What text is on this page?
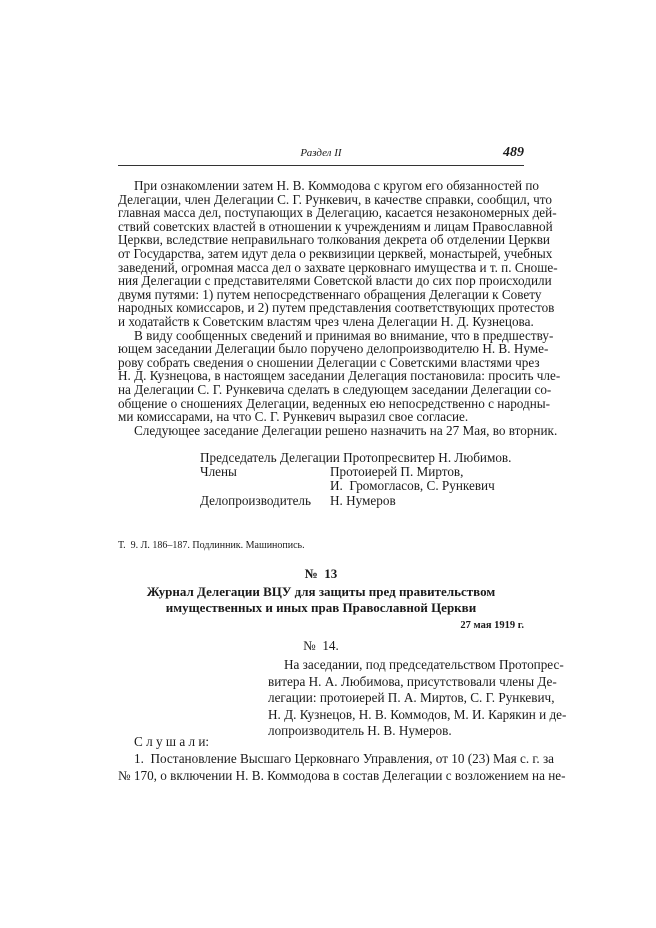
Раздел II	489
При ознакомлении затем Н. В. Коммодова с кругом его обязанностей по
Делегации, член Делегации С. Г. Рункевич, в качестве справки, сообщил, что
главная масса дел, поступающих в Делегацию, касается незакономерных дей-
ствий советских властей в отношении к учреждениям и лицам Православной
Церкви, вследствие неправильнаго толкования декрета об отделении Церкви
от Государства, затем идут дела о реквизиции церквей, монастырей, учебных
заведений, огромная масса дел о захвате церковнаго имущества и т. п. Сноше-
ния Делегации с представителями Советской власти до сих пор происходили
двумя путями: 1) путем непосредственнаго обращения Делегации к Совету
народных комиссаров, и 2) путем представления соответствующих протестов
и ходатайств к Советским властям чрез члена Делегации Н. Д. Кузнецова.
В виду сообщенных сведений и принимая во внимание, что в предшеству-
ющем заседании Делегации было поручено делопроизводителю Н. В. Нуме-
рову собрать сведения о сношении Делегации с Советскими властями чрез
Н. Д. Кузнецова, в настоящем заседании Делегация постановила: просить чле-
на Делегации С. Г. Рункевича сделать в следующем заседании Делегации со-
общение о сношениях Делегации, веденных ею непосредственно с народны-
ми комиссарами, на что С. Г. Рункевич выразил свое согласие.
Следующее заседание Делегации решено назначить на 27 Мая, во вторник.
Председатель Делегации Протопресвитер Н. Любимов.
Члены	Протоиерей П. Миртов,
И.  Громогласов, С. Рункевич
Делопроизводитель Н. Нумеров
Т.  9. Л. 186–187. Подлинник. Машинопись.
№  13
Журнал Делегации ВЦУ для защиты пред правительством
имущественных и иных прав Православной Церкви
27 мая 1919 г.
№  14.
На заседании, под председательством Протопрес-
витера Н. А. Любимова, присутствовали члены Де-
легации: протоиерей П. А. Миртов, С. Г. Рункевич,
Н. Д. Кузнецов, Н. В. Коммодов, М. И. Карякин и де-
лопроизводитель Н. В. Нумеров.
С л у ш а л и:
1.  Постановление Высшаго Церковнаго Управления, от 10 (23) Мая с. г. за
№ 170, о включении Н. В. Коммодова в состав Делегации с возложением на не-
